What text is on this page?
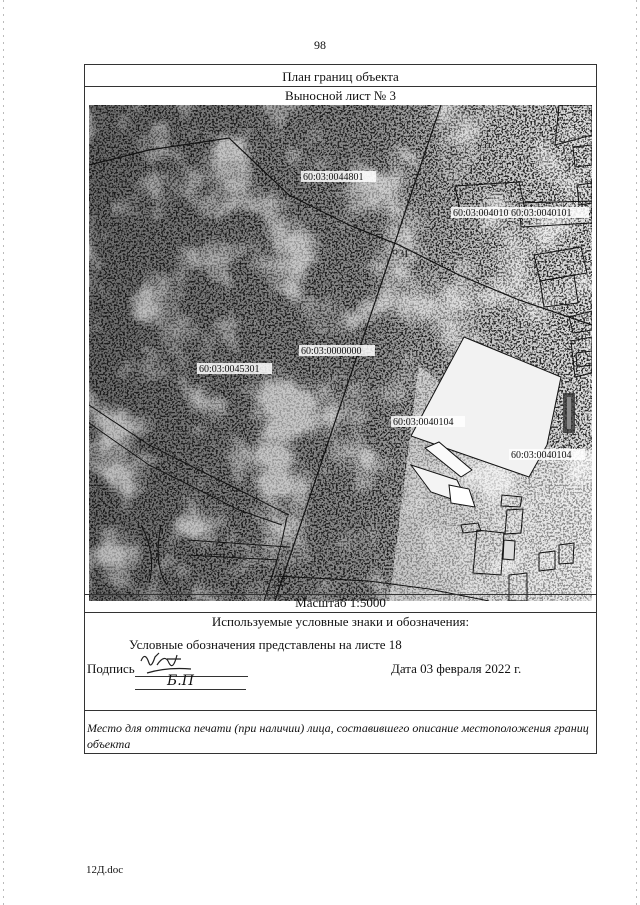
98
План границ объекта
Выносной лист № 3
60:03:0044801
60:03:004010 60:03:0040101
60:03:0045301
60:03:0000000
60:03:0040104
60:03:0040104
31
26
Масштаб 1:5000
Используемые условные знаки и обозначения:
Условные обозначения представлены на листе 18
Подпись
Б.П
Дата 03 февраля 2022 г.
Место для оттиска печати (при наличии) лица, составившего описание местоположения границ объекта
12Д.doc
